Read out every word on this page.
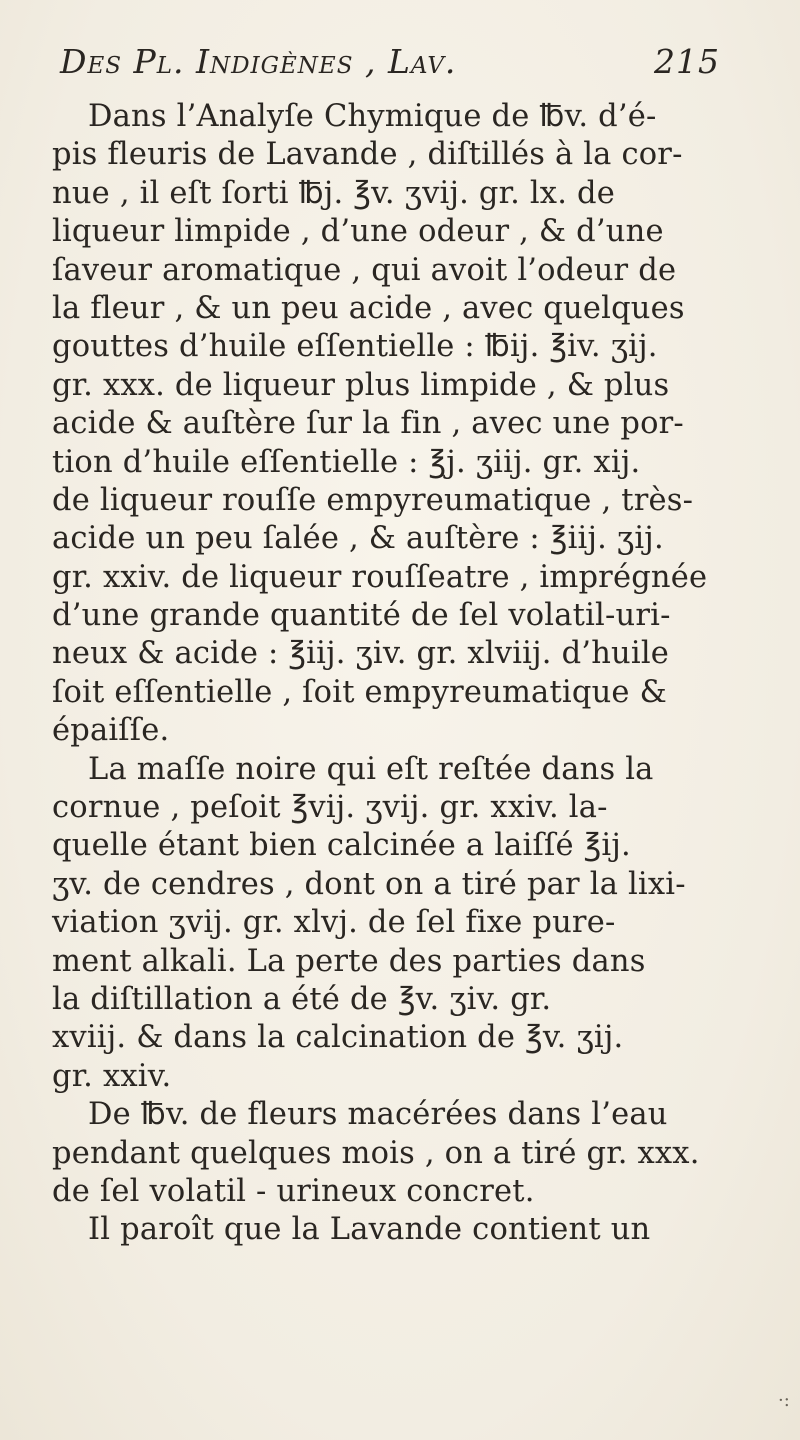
Des Pl. Indigènes , Lav.	215
Dans l’Analyſe Chymique de ℔v. d’é-
pis fleuris de Lavande , diſtillés à la cor-
nue , il eſt ſorti ℔j. ℥v. ʒvij. gr. lx. de
liqueur limpide , d’une odeur , & d’une
ſaveur aromatique , qui avoit l’odeur de
la fleur , & un peu acide , avec quelques
gouttes d’huile eſſentielle : ℔ij. ℥iv. ʒij.
gr. xxx. de liqueur plus limpide , & plus
acide & auſtère ſur la fin , avec une por-
tion d’huile eſſentielle : ℥j. ʒiij. gr. xij.
de liqueur rouſſe empyreumatique , très-
acide un peu ſalée , & auſtère : ℥iij. ʒij.
gr. xxiv. de liqueur rouſſeatre , imprégnée
d’une grande quantité de ſel volatil-uri-
neux & acide : ℥iij. ʒiv. gr. xlviij. d’huile
ſoit eſſentielle , ſoit empyreumatique &
épaiſſe.
La maſſe noire qui eſt reſtée dans la
cornue , peſoit ℥vij. ʒvij. gr. xxiv. la-
quelle étant bien calcinée a laiſſé ℥ij.
ʒv. de cendres , dont on a tiré par la lixi-
viation ʒvij. gr. xlvj. de ſel fixe pure-
ment alkali. La perte des parties dans
la diſtillation a été de ℥v. ʒiv. gr.
xviij. & dans la calcination de ℥v. ʒij.
gr. xxiv.
De ℔v. de fleurs macérées dans l’eau
pendant quelques mois , on a tiré gr. xxx.
de ſel volatil - urineux concret.
Il paroît que la Lavande contient un
·:
